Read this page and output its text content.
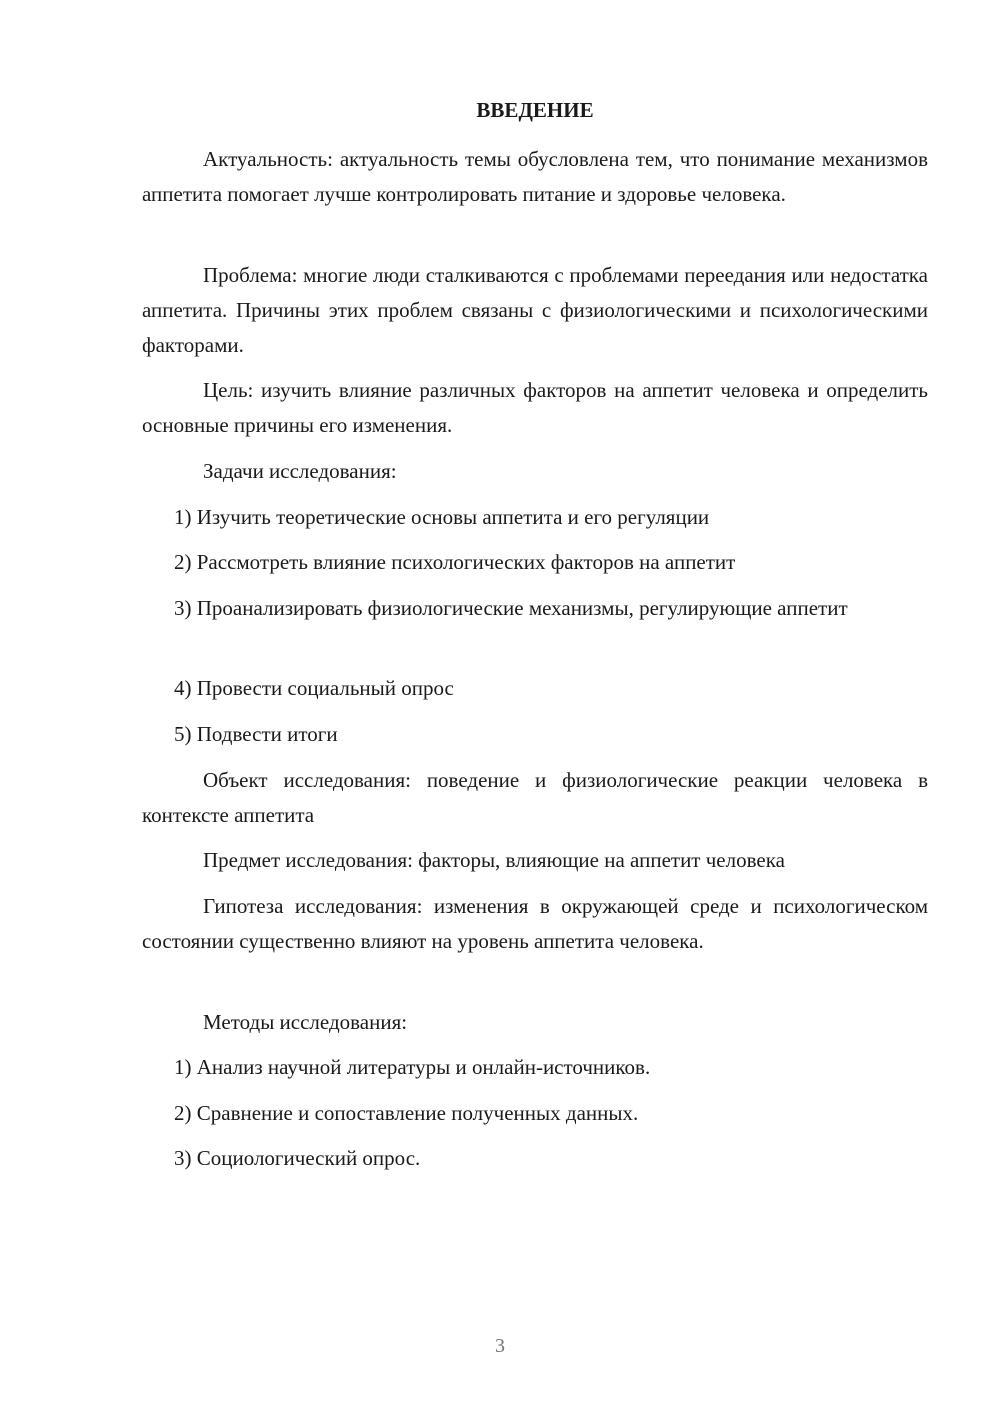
ВВЕДЕНИЕ

Актуальность: актуальность темы обусловлена тем, что понимание механизмов аппетита помогает лучше контролировать питание и здоровье человека.

Проблема: многие люди сталкиваются с проблемами переедания или недостатка аппетита. Причины этих проблем связаны с физиологическими и психологическими факторами.

Цель: изучить влияние различных факторов на аппетит человека и определить основные причины его изменения.

Задачи исследования:

1) Изучить теоретические основы аппетита и его регуляции

2) Рассмотреть влияние психологических факторов на аппетит

3) Проанализировать физиологические механизмы, регулирующие аппетит

4) Провести социальный опрос

5) Подвести итоги

Объект исследования: поведение и физиологические реакции человека в контексте аппетита

Предмет исследования: факторы, влияющие на аппетит человека

Гипотеза исследования: изменения в окружающей среде и психологическом состоянии существенно влияют на уровень аппетита человека.

Методы исследования:

1) Анализ научной литературы и онлайн-источников.

2) Сравнение и сопоставление полученных данных.

3) Социологический опрос.

3
